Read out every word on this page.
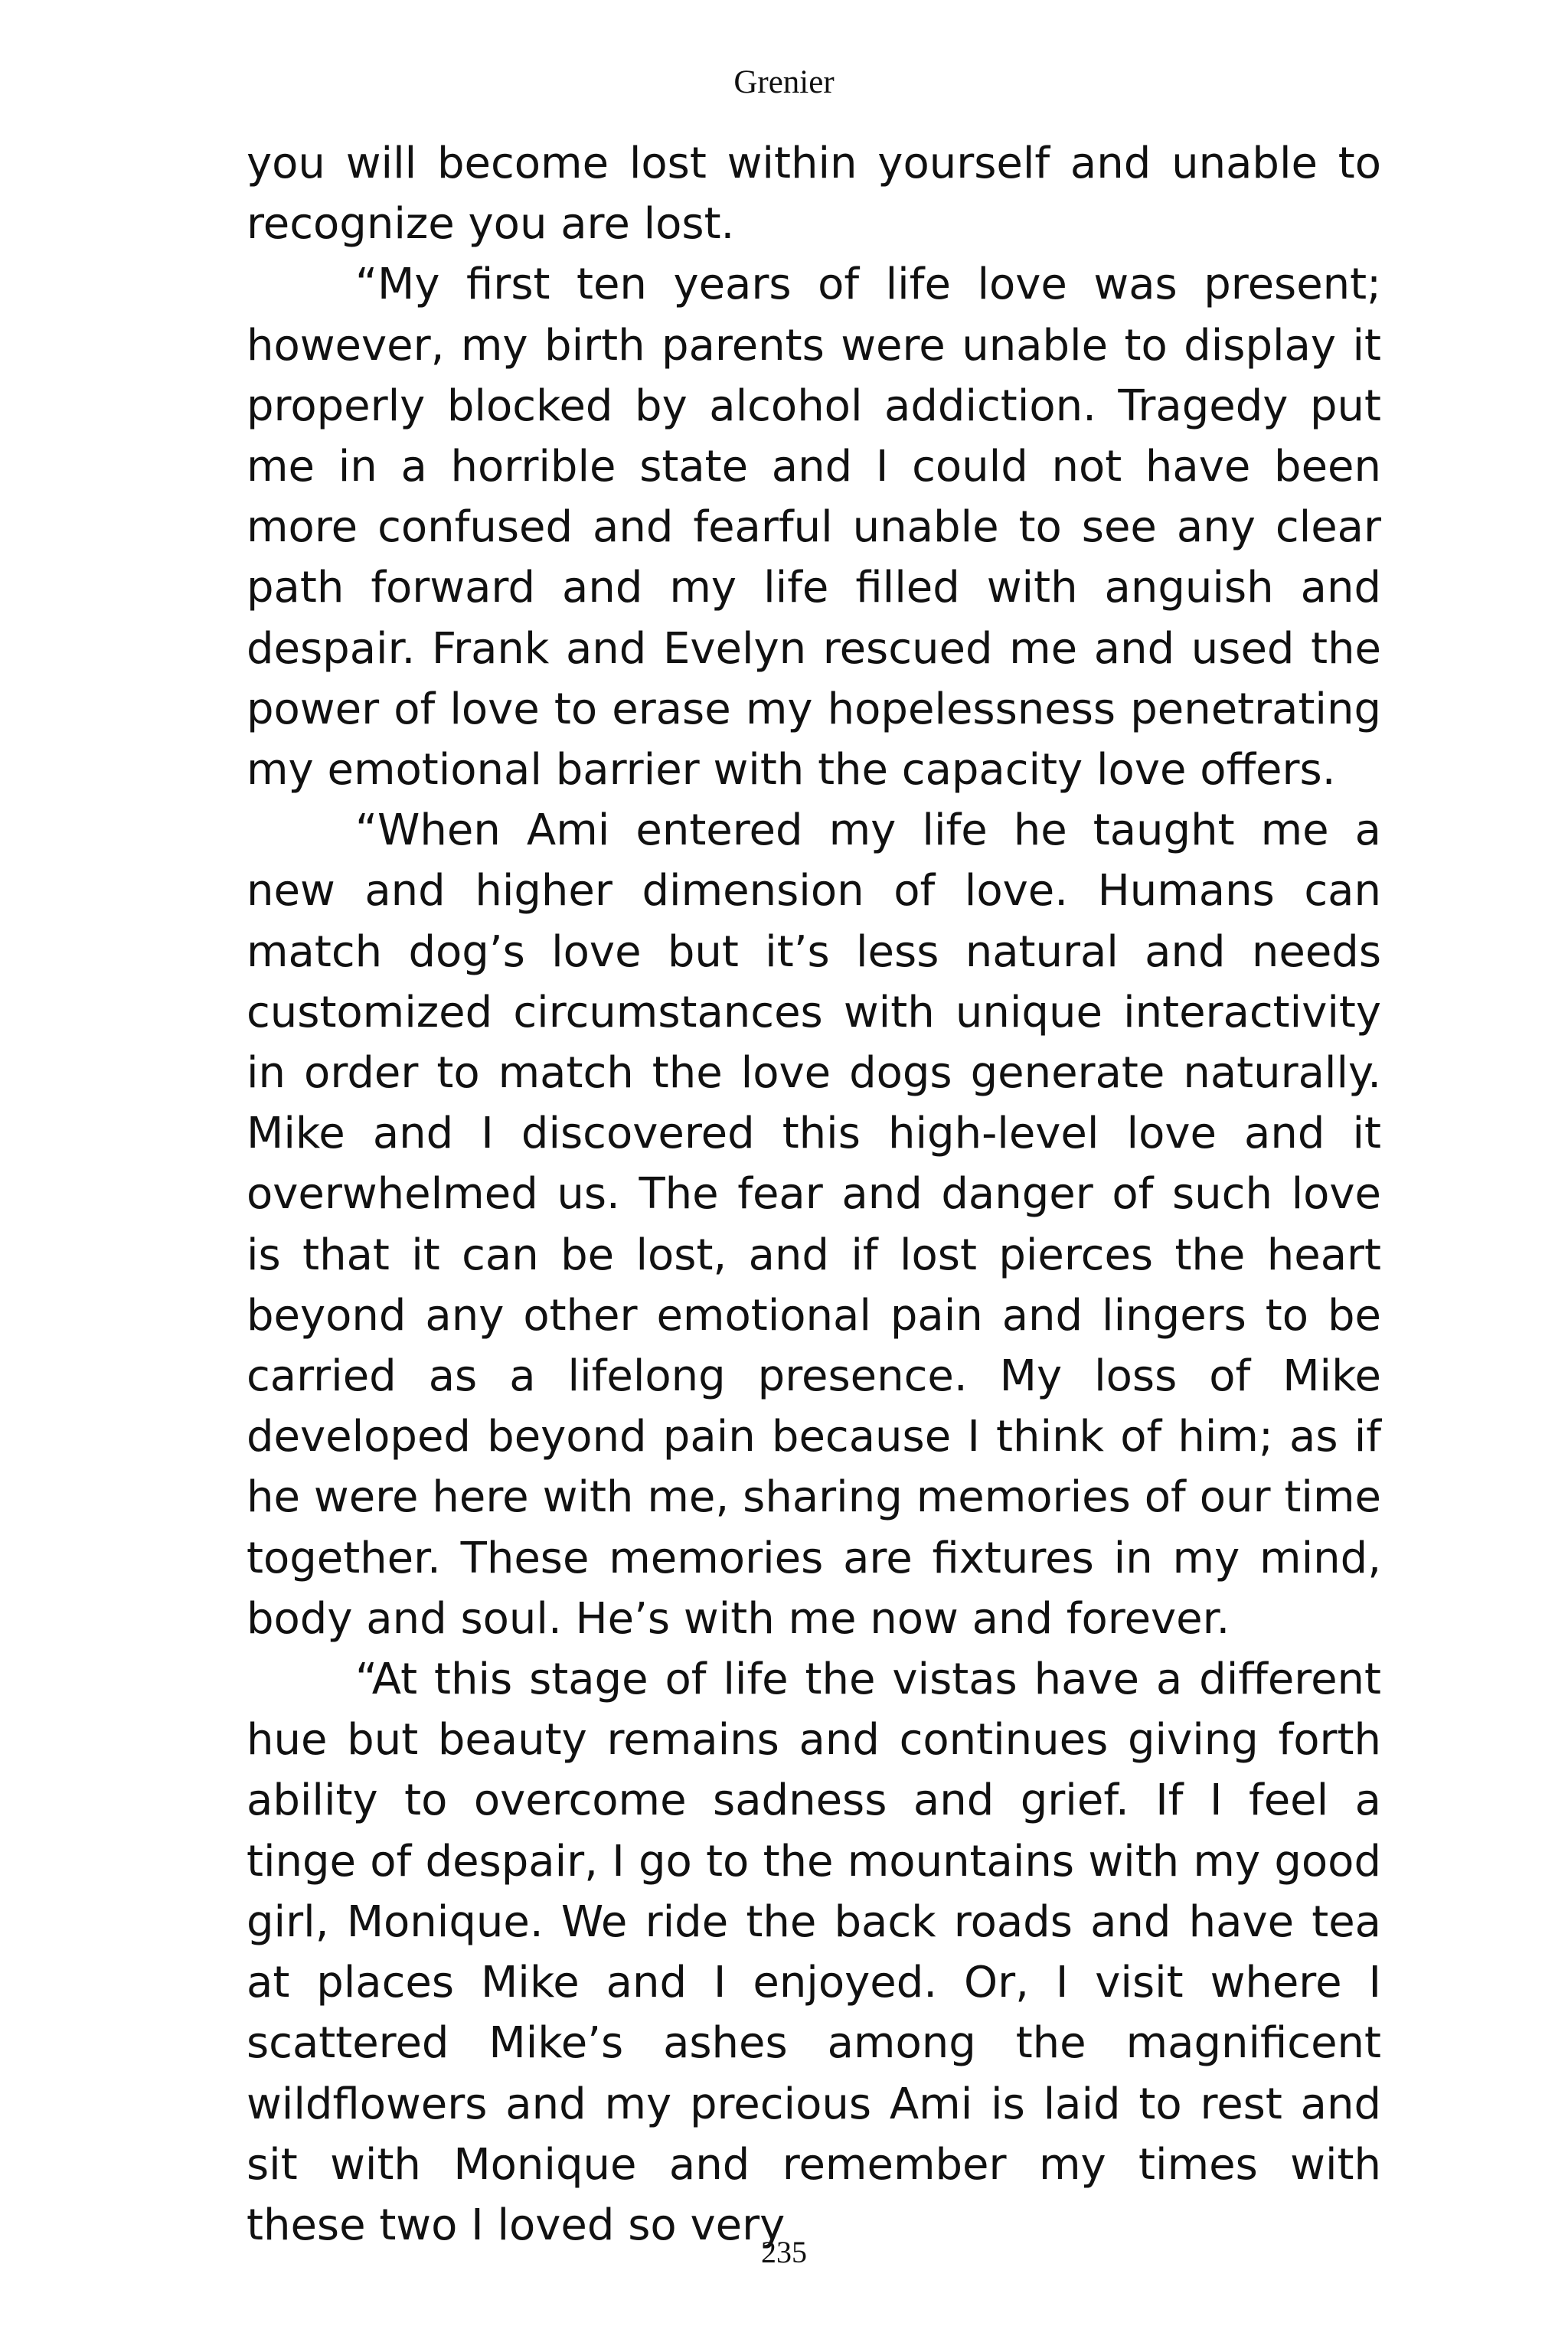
Grenier

you will become lost within yourself and unable to recognize you are lost.

“My first ten years of life love was present; however, my birth parents were unable to display it properly blocked by alcohol addiction. Tragedy put me in a horrible state and I could not have been more confused and fearful unable to see any clear path forward and my life filled with anguish and despair. Frank and Evelyn rescued me and used the power of love to erase my hopelessness penetrating my emotional barrier with the capacity love offers.

“When Ami entered my life he taught me a new and higher dimension of love. Humans can match dog’s love but it’s less natural and needs customized circumstances with unique interactivity in order to match the love dogs generate naturally. Mike and I discovered this high-level love and it overwhelmed us. The fear and danger of such love is that it can be lost, and if lost pierces the heart beyond any other emotional pain and lingers to be carried as a lifelong presence. My loss of Mike developed beyond pain because I think of him; as if he were here with me, sharing memories of our time together. These memories are fixtures in my mind, body and soul. He’s with me now and forever.

“At this stage of life the vistas have a different hue but beauty remains and continues giving forth ability to overcome sadness and grief. If I feel a tinge of despair, I go to the mountains with my good girl, Monique. We ride the back roads and have tea at places Mike and I enjoyed. Or, I visit where I scattered Mike’s ashes among the magnificent wildflowers and my precious Ami is laid to rest and sit with Monique and remember my times with these two I loved so very

235
